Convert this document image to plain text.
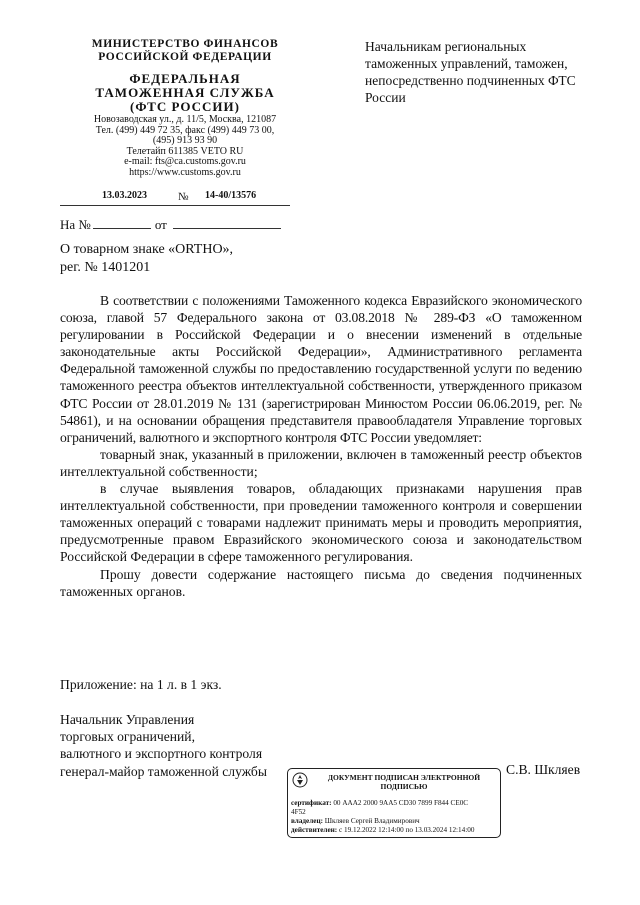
МИНИСТЕРСТВО ФИНАНСОВ
РОССИЙСКОЙ ФЕДЕРАЦИИ
ФЕДЕРАЛЬНАЯ
ТАМОЖЕННАЯ СЛУЖБА
(ФТС РОССИИ)
Новозаводская ул., д. 11/5, Москва, 121087
Тел. (499) 449 72 35, факс (499) 449 73 00,
(495) 913 93 90
Телетайп 611385 VETO RU
e-mail: fts@ca.customs.gov.ru
https://www.customs.gov.ru
13.03.2023	№ 14-40/13576
На №	от
Начальникам региональных таможенных управлений, таможен, непосредственно подчиненных ФТС России
О товарном знаке «ORTHO»,
рег. № 1401201

В соответствии с положениями Таможенного кодекса Евразийского экономического союза, главой 57 Федерального закона от 03.08.2018 № 289-ФЗ «О таможенном регулировании в Российской Федерации и о внесении изменений в отдельные законодательные акты Российской Федерации», Административного регламента Федеральной таможенной службы по предоставлению государственной услуги по ведению таможенного реестра объектов интеллектуальной собственности, утвержденного приказом ФТС России от 28.01.2019 № 131 (зарегистрирован Минюстом России 06.06.2019, рег. № 54861), и на основании обращения представителя правообладателя Управление торговых ограничений, валютного и экспортного контроля ФТС России уведомляет:

товарный знак, указанный в приложении, включен в таможенный реестр объектов интеллектуальной собственности;

в случае выявления товаров, обладающих признаками нарушения прав интеллектуальной собственности, при проведении таможенного контроля и совершении таможенных операций с товарами надлежит принимать меры и проводить мероприятия, предусмотренные правом Евразийского экономического союза и законодательством Российской Федерации в сфере таможенного регулирования.

Прошу довести содержание настоящего письма до сведения подчиненных таможенных органов.

Приложение: на 1 л. в 1 экз.
Начальник Управления
торговых ограничений,
валютного и экспортного контроля
генерал-майор таможенной службы	С.В. Шкляев
ДОКУМЕНТ ПОДПИСАН ЭЛЕКТРОННОЙ ПОДПИСЬЮ
сертификат: 00 AAA2 2000 9AA5 CD30 7899 F844 CE0C
4F52
владелец: Шкляев Сергей Владимирович
действителен: с 19.12.2022 12:14:00 по 13.03.2024 12:14:00
